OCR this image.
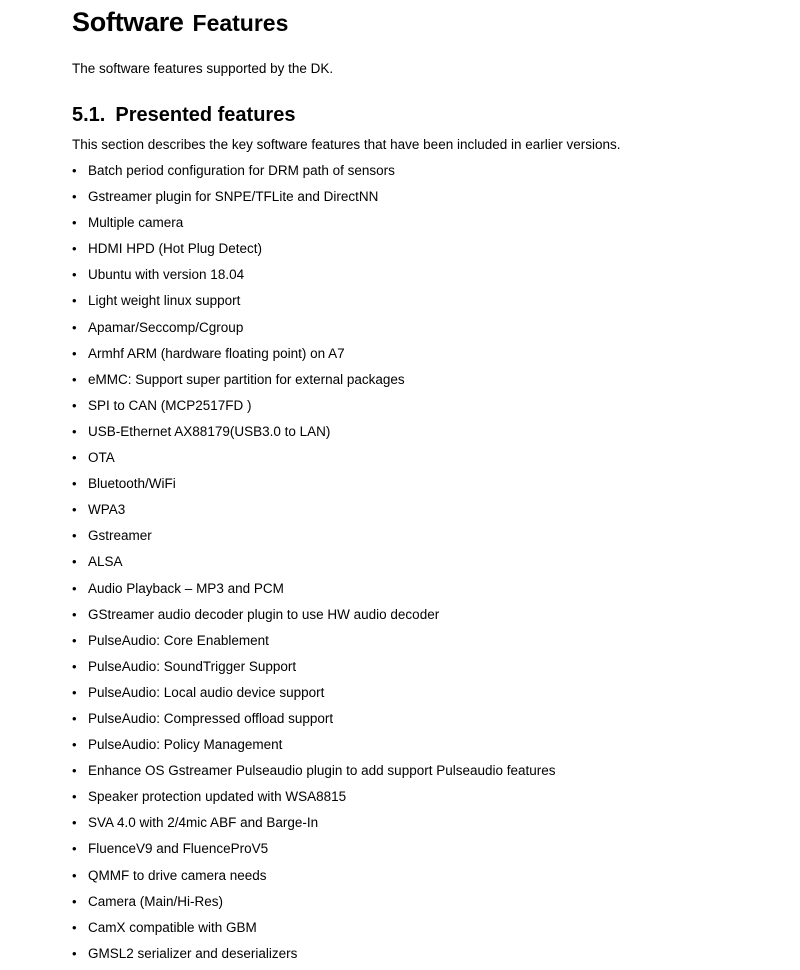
Software Features

The software features supported by the DK.

5.1. Presented features

This section describes the key software features that have been included in earlier versions.

• Batch period configuration for DRM path of sensors
• Gstreamer plugin for SNPE/TFLite and DirectNN
• Multiple camera
• HDMI HPD (Hot Plug Detect)
• Ubuntu with version 18.04
• Light weight linux support
• Apamar/Seccomp/Cgroup
• Armhf ARM (hardware floating point) on A7
• eMMC: Support super partition for external packages
• SPI to CAN (MCP2517FD )
• USB-Ethernet AX88179(USB3.0 to LAN)
• OTA
• Bluetooth/WiFi
• WPA3
• Gstreamer
• ALSA
• Audio Playback – MP3 and PCM
• GStreamer audio decoder plugin to use HW audio decoder
• PulseAudio: Core Enablement
• PulseAudio: SoundTrigger Support
• PulseAudio: Local audio device support
• PulseAudio: Compressed offload support
• PulseAudio: Policy Management
• Enhance OS Gstreamer Pulseaudio plugin to add support Pulseaudio features
• Speaker protection updated with WSA8815
• SVA 4.0 with 2/4mic ABF and Barge-In
• FluenceV9 and FluenceProV5
• QMMF to drive camera needs
• Camera (Main/Hi-Res)
• CamX compatible with GBM
• GMSL2 serializer and deserializers
